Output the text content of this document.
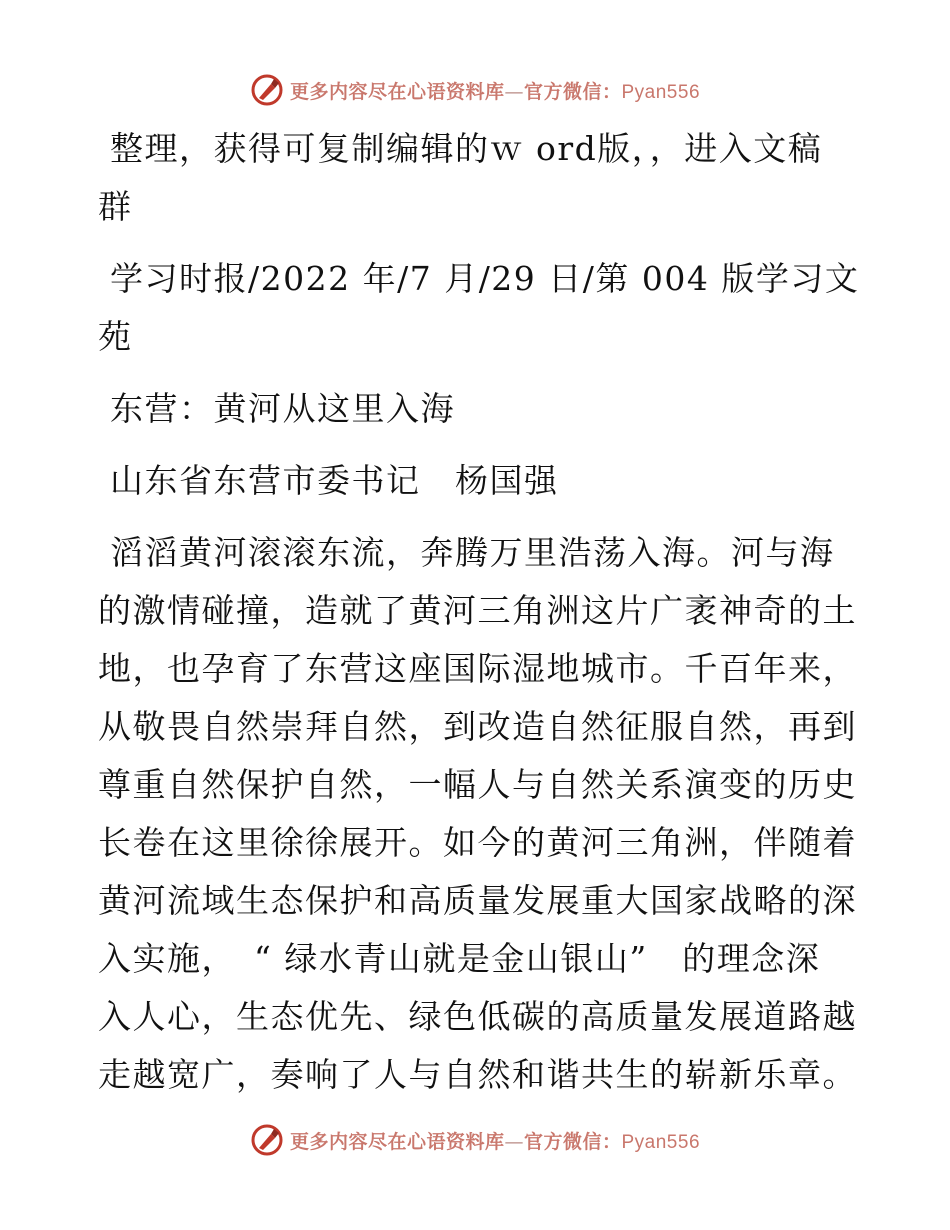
更多内容尽在心语资料库—官方微信：Pyan556
整理，获得可复制编辑的ｗ ord版，，进入文稿
群
学习时报/2022 年/7 月/29 日/第 004 版学习文
苑
东营：黄河从这里入海
山东省东营市委书记　杨国强
滔滔黄河滚滚东流，奔腾万里浩荡入海。河与海
的激情碰撞，造就了黄河三角洲这片广袤神奇的土
地，也孕育了东营这座国际湿地城市。千百年来，
从敬畏自然崇拜自然，到改造自然征服自然，再到
尊重自然保护自然，一幅人与自然关系演变的历史
长卷在这里徐徐展开。如今的黄河三角洲，伴随着
黄河流域生态保护和高质量发展重大国家战略的深
入实施，　“ 绿水青山就是金山银山”　的理念深
入人心，生态优先、绿色低碳的高质量发展道路越
走越宽广，奏响了人与自然和谐共生的崭新乐章。
更多内容尽在心语资料库—官方微信：Pyan556
